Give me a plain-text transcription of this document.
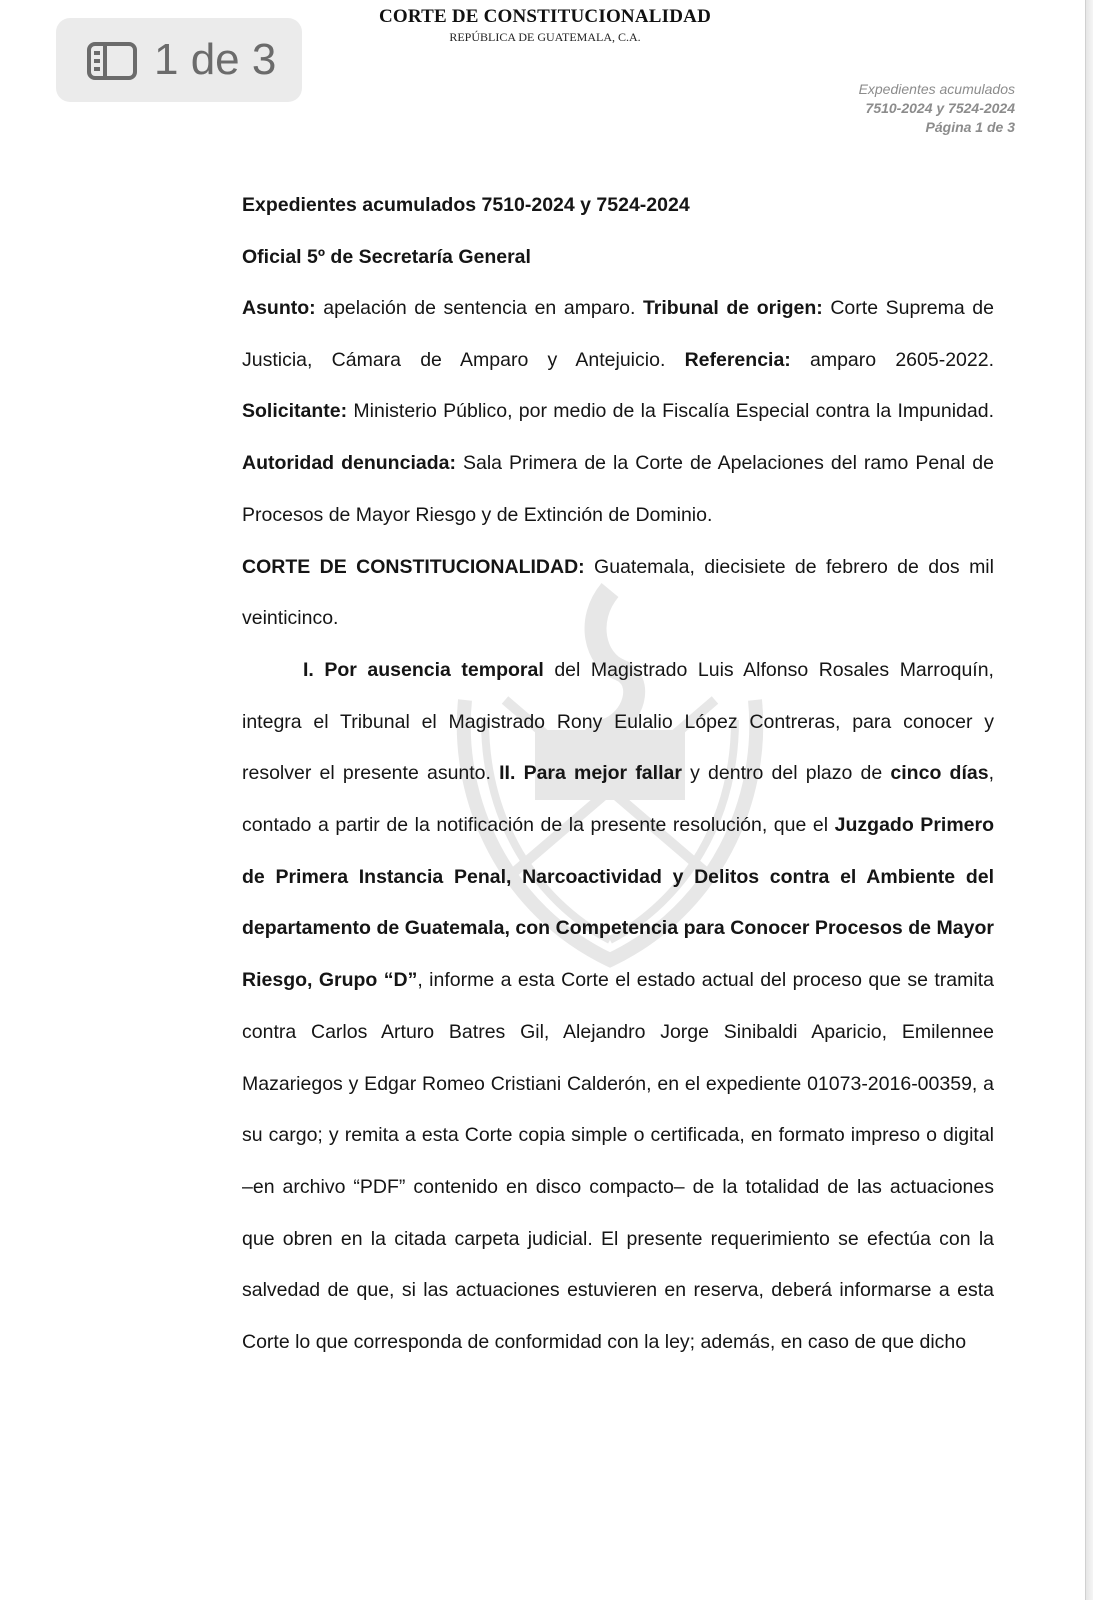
1 de 3
CORTE DE CONSTITUCIONALIDAD
REPÚBLICA DE GUATEMALA, C.A.
Expedientes acumulados
7510-2024 y 7524-2024
Página 1 de 3

Expedientes acumulados 7510-2024 y 7524-2024

Oficial 5º de Secretaría General

Asunto: apelación de sentencia en amparo. Tribunal de origen: Corte Suprema de Justicia, Cámara de Amparo y Antejuicio. Referencia: amparo 2605-2022. Solicitante: Ministerio Público, por medio de la Fiscalía Especial contra la Impunidad. Autoridad denunciada: Sala Primera de la Corte de Apelaciones del ramo Penal de Procesos de Mayor Riesgo y de Extinción de Dominio.

CORTE DE CONSTITUCIONALIDAD: Guatemala, diecisiete de febrero de dos mil veinticinco.

I. Por ausencia temporal del Magistrado Luis Alfonso Rosales Marroquín, integra el Tribunal el Magistrado Rony Eulalio López Contreras, para conocer y resolver el presente asunto. II. Para mejor fallar y dentro del plazo de cinco días, contado a partir de la notificación de la presente resolución, que el Juzgado Primero de Primera Instancia Penal, Narcoactividad y Delitos contra el Ambiente del departamento de Guatemala, con Competencia para Conocer Procesos de Mayor Riesgo, Grupo “D”, informe a esta Corte el estado actual del proceso que se tramita contra Carlos Arturo Batres Gil, Alejandro Jorge Sinibaldi Aparicio, Emilennee Mazariegos y Edgar Romeo Cristiani Calderón, en el expediente 01073-2016-00359, a su cargo; y remita a esta Corte copia simple o certificada, en formato impreso o digital –en archivo “PDF” contenido en disco compacto– de la totalidad de las actuaciones que obren en la citada carpeta judicial. El presente requerimiento se efectúa con la salvedad de que, si las actuaciones estuvieren en reserva, deberá informarse a esta Corte lo que corresponda de conformidad con la ley; además, en caso de que dicho
